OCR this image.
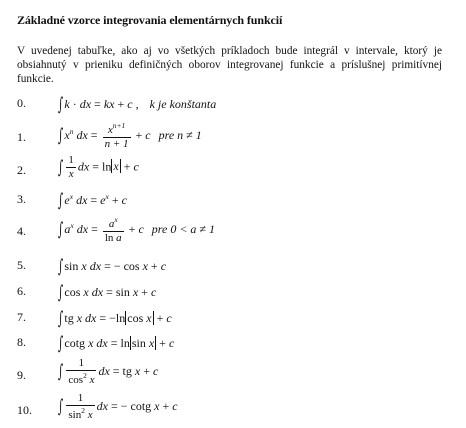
Základné vzorce integrovania elementárnych funkcií
V uvedenej tabuľke, ako aj vo všetkých príkladoch bude integrál v intervale, ktorý je obsiahnutý v prieniku definičných oborov integrovanej funkcie a príslušnej primitívnej funkcie.
0. ∫k · dx = kx + c , k je konštanta
1. $\int x^n$ dx = $\frac{x^{n+1}}{n + 1} + c$ pre n ≠ 1
2. ∫ $\frac{1}{x}$ dx = ln x + c
3. $\int e^x$ dx = $e^x + c$
4. $\int a^x$ dx = $\frac{a^x}{\text{ln a}} + c$ pre 0 < a ≠ 1
5. ∫sin x dx = − cos x + c
6. ∫cos x dx = sin x + c
7. ∫tg x dx = −ln cos x + c
8. ∫cotg x dx = ln sin x + c
9. ∫ $\frac{1}{\cos^2 x}$ dx = tg x + c
10. ∫ $\frac{1}{\sin^2 x}$ dx = − cotg x + c
